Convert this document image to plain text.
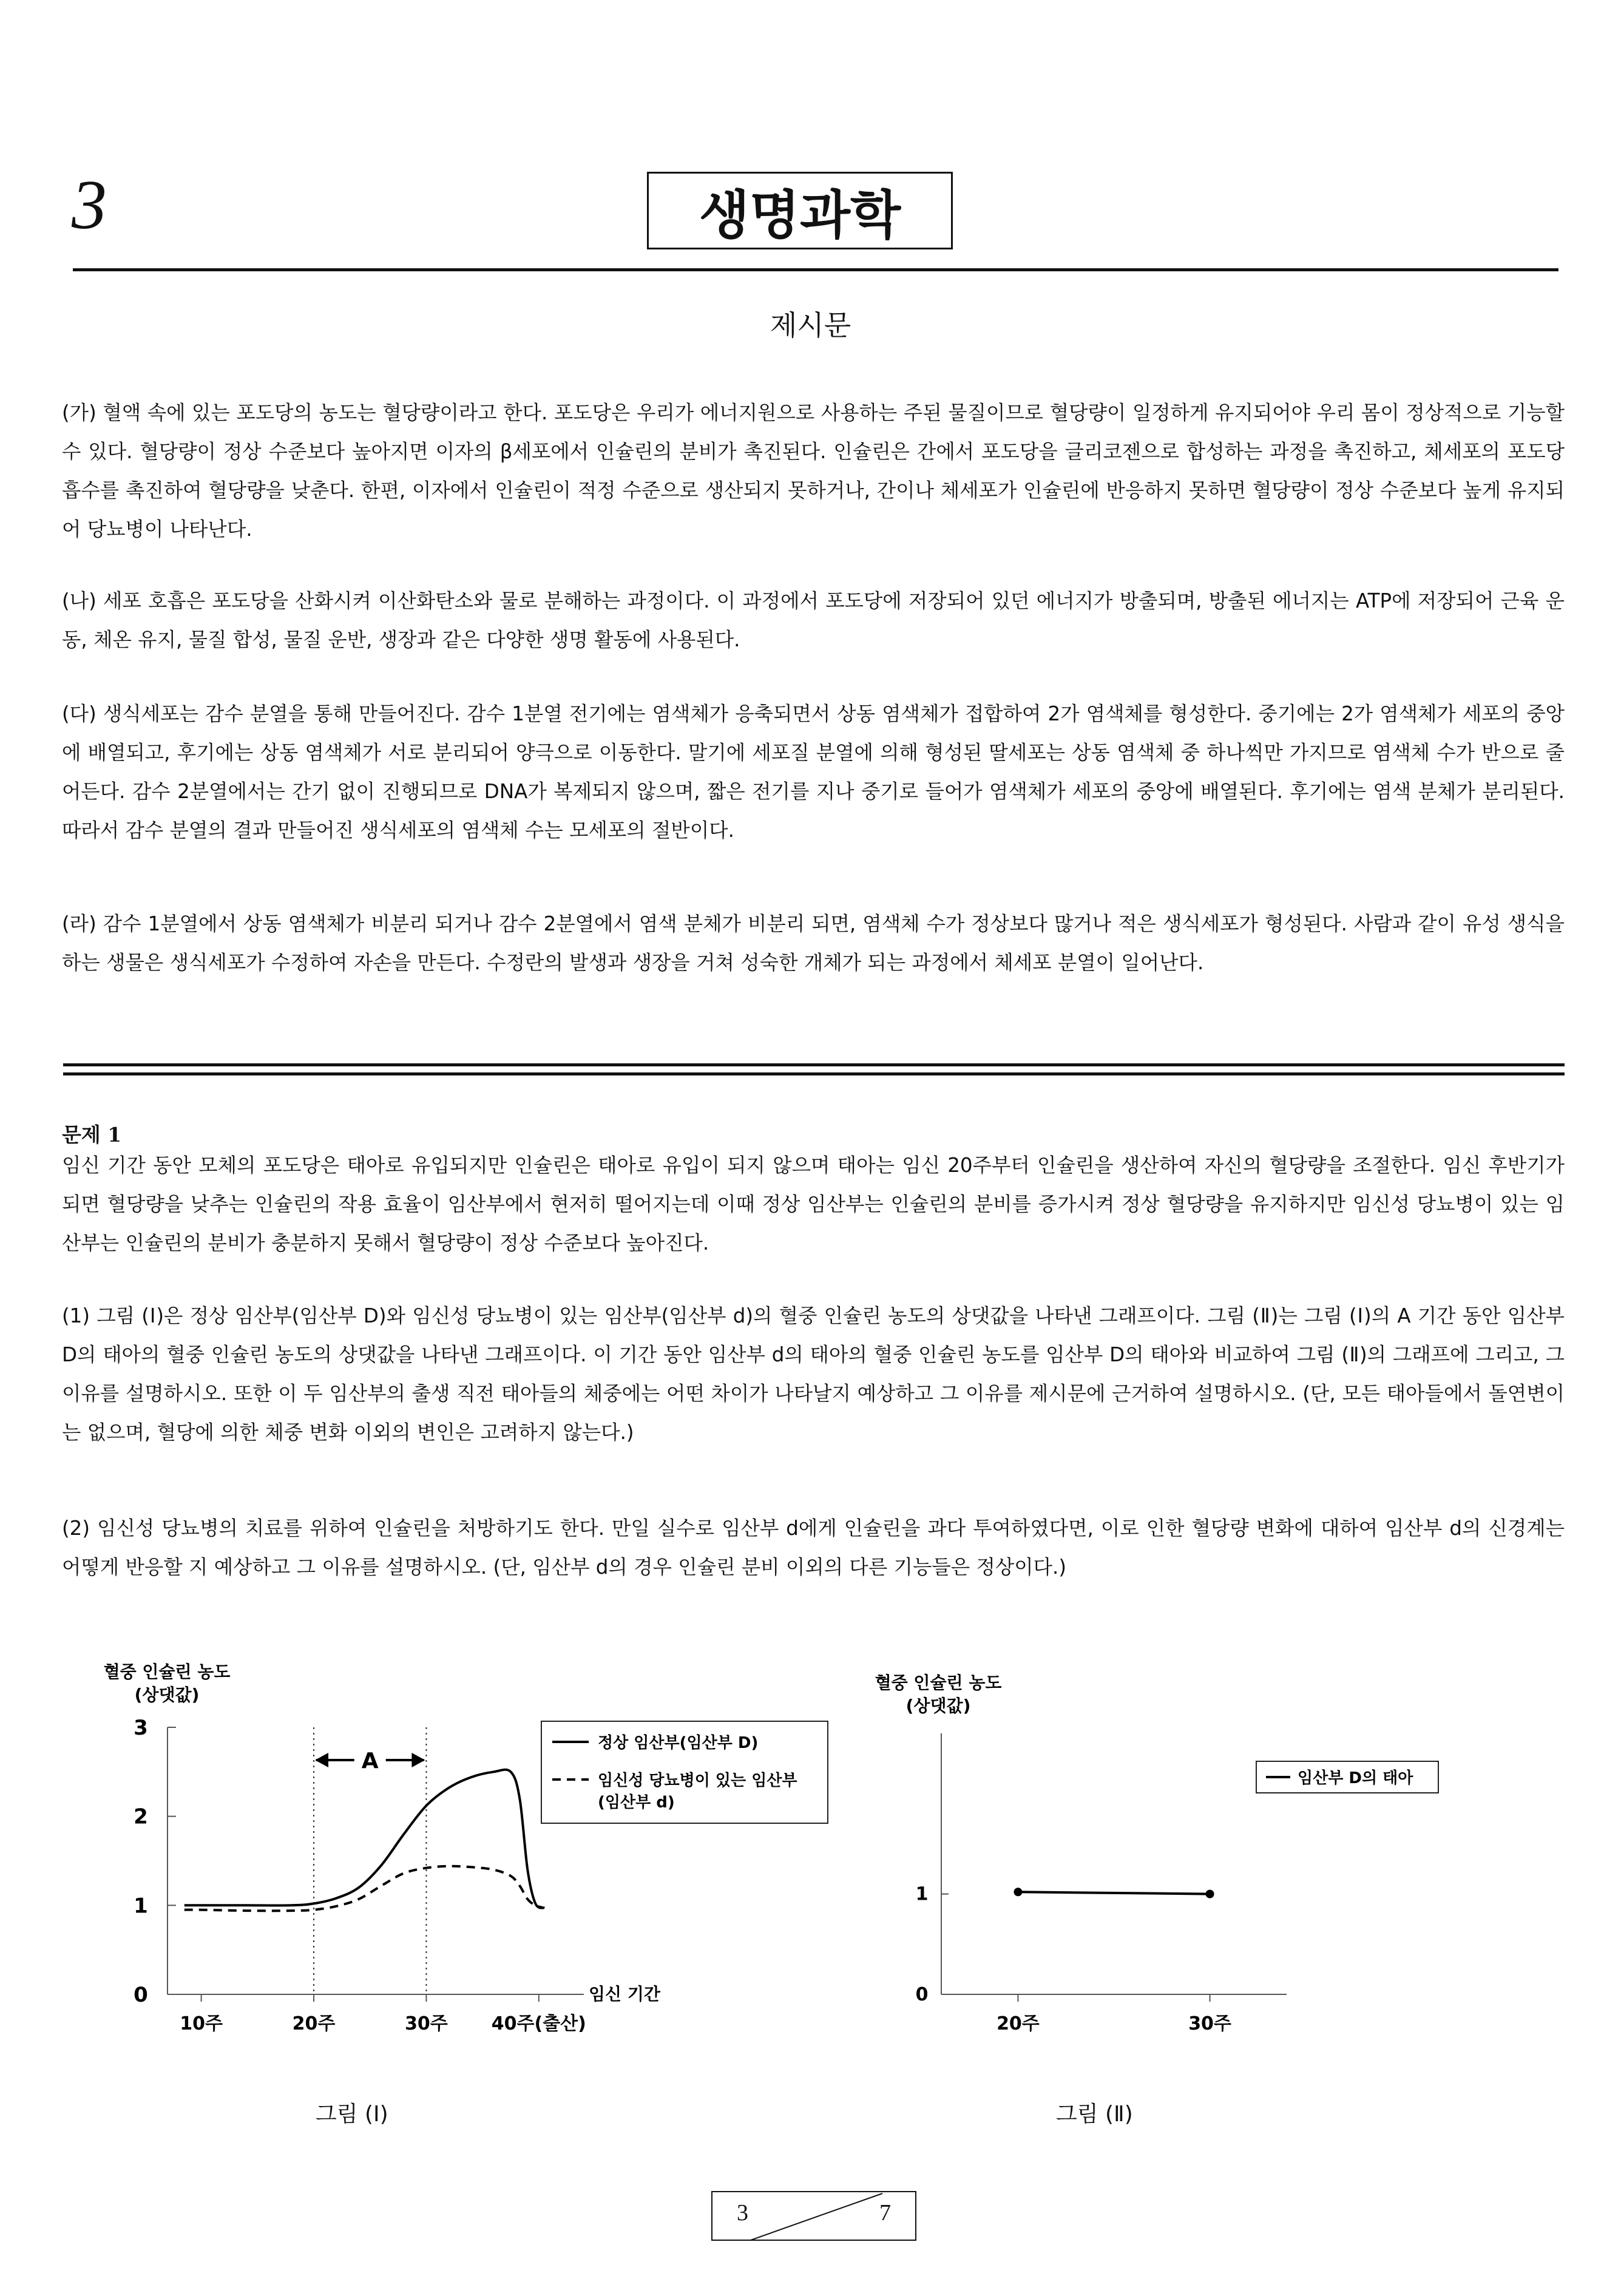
3	생명과학
제시문

(가) 혈액 속에 있는 포도당의 농도는 혈당량이라고 한다. 포도당은 우리가 에너지원으로 사용하는 주된 물질이므로 혈당량이 일정하게 유지되어야 우리 몸이 정상적으로 기능할 수 있다. 혈당량이 정상 수준보다 높아지면 이자의 β세포에서 인슐린의 분비가 촉진된다. 인슐린은 간에서 포도당을 글리코젠으로 합성하는 과정을 촉진하고, 체세포의 포도당 흡수를 촉진하여 혈당량을 낮춘다. 한편, 이자에서 인슐린이 적정 수준으로 생산되지 못하거나, 간이나 체세포가 인슐린에 반응하지 못하면 혈당량이 정상 수준보다 높게 유지되어 당뇨병이 나타난다.

(나) 세포 호흡은 포도당을 산화시켜 이산화탄소와 물로 분해하는 과정이다. 이 과정에서 포도당에 저장되어 있던 에너지가 방출되며, 방출된 에너지는 ATP에 저장되어 근육 운동, 체온 유지, 물질 합성, 물질 운반, 생장과 같은 다양한 생명 활동에 사용된다.

(다) 생식세포는 감수 분열을 통해 만들어진다. 감수 1분열 전기에는 염색체가 응축되면서 상동 염색체가 접합하여 2가 염색체를 형성한다. 중기에는 2가 염색체가 세포의 중앙에 배열되고, 후기에는 상동 염색체가 서로 분리되어 양극으로 이동한다. 말기에 세포질 분열에 의해 형성된 딸세포는 상동 염색체 중 하나씩만 가지므로 염색체 수가 반으로 줄어든다. 감수 2분열에서는 간기 없이 진행되므로 DNA가 복제되지 않으며, 짧은 전기를 지나 중기로 들어가 염색체가 세포의 중앙에 배열된다. 후기에는 염색 분체가 분리된다. 따라서 감수 분열의 결과 만들어진 생식세포의 염색체 수는 모세포의 절반이다.

(라) 감수 1분열에서 상동 염색체가 비분리 되거나 감수 2분열에서 염색 분체가 비분리 되면, 염색체 수가 정상보다 많거나 적은 생식세포가 형성된다. 사람과 같이 유성 생식을 하는 생물은 생식세포가 수정하여 자손을 만든다. 수정란의 발생과 생장을 거쳐 성숙한 개체가 되는 과정에서 체세포 분열이 일어난다.

문제 1

임신 기간 동안 모체의 포도당은 태아로 유입되지만 인슐린은 태아로 유입이 되지 않으며 태아는 임신 20주부터 인슐린을 생산하여 자신의 혈당량을 조절한다. 임신 후반기가 되면 혈당량을 낮추는 인슐린의 작용 효율이 임산부에서 현저히 떨어지는데 이때 정상 임산부는 인슐린의 분비를 증가시켜 정상 혈당량을 유지하지만 임신성 당뇨병이 있는 임산부는 인슐린의 분비가 충분하지 못해서 혈당량이 정상 수준보다 높아진다.

(1) 그림 (Ⅰ)은 정상 임산부(임산부 D)와 임신성 당뇨병이 있는 임산부(임산부 d)의 혈중 인슐린 농도의 상댓값을 나타낸 그래프이다. 그림 (Ⅱ)는 그림 (Ⅰ)의 A 기간 동안 임산부 D의 태아의 혈중 인슐린 농도의 상댓값을 나타낸 그래프이다. 이 기간 동안 임산부 d의 태아의 혈중 인슐린 농도를 임산부 D의 태아와 비교하여 그림 (Ⅱ)의 그래프에 그리고, 그 이유를 설명하시오. 또한 이 두 임산부의 출생 직전 태아들의 체중에는 어떤 차이가 나타날지 예상하고 그 이유를 제시문에 근거하여 설명하시오. (단, 모든 태아들에서 돌연변이는 없으며, 혈당에 의한 체중 변화 이외의 변인은 고려하지 않는다.)

(2) 임신성 당뇨병의 치료를 위하여 인슐린을 처방하기도 한다. 만일 실수로 임산부 d에게 인슐린을 과다 투여하였다면, 이로 인한 혈당량 변화에 대하여 임산부 d의 신경계는 어떻게 반응할 지 예상하고 그 이유를 설명하시오. (단, 임산부 d의 경우 인슐린 분비 이외의 다른 기능들은 정상이다.)

혈중 인슐린 농도
(상댓값)
0
1
2
3
10주	20주	30주 40주(출산)
A
임신 기간
정상 임산부(임산부 D)
임신성 당뇨병이 있는 임산부
(임산부 d)
혈중 인슐린 농도
(상댓값)
0
1
20주	30주
임산부 D의 태아
그림 (Ⅰ)	그림 (Ⅱ)
3	7
